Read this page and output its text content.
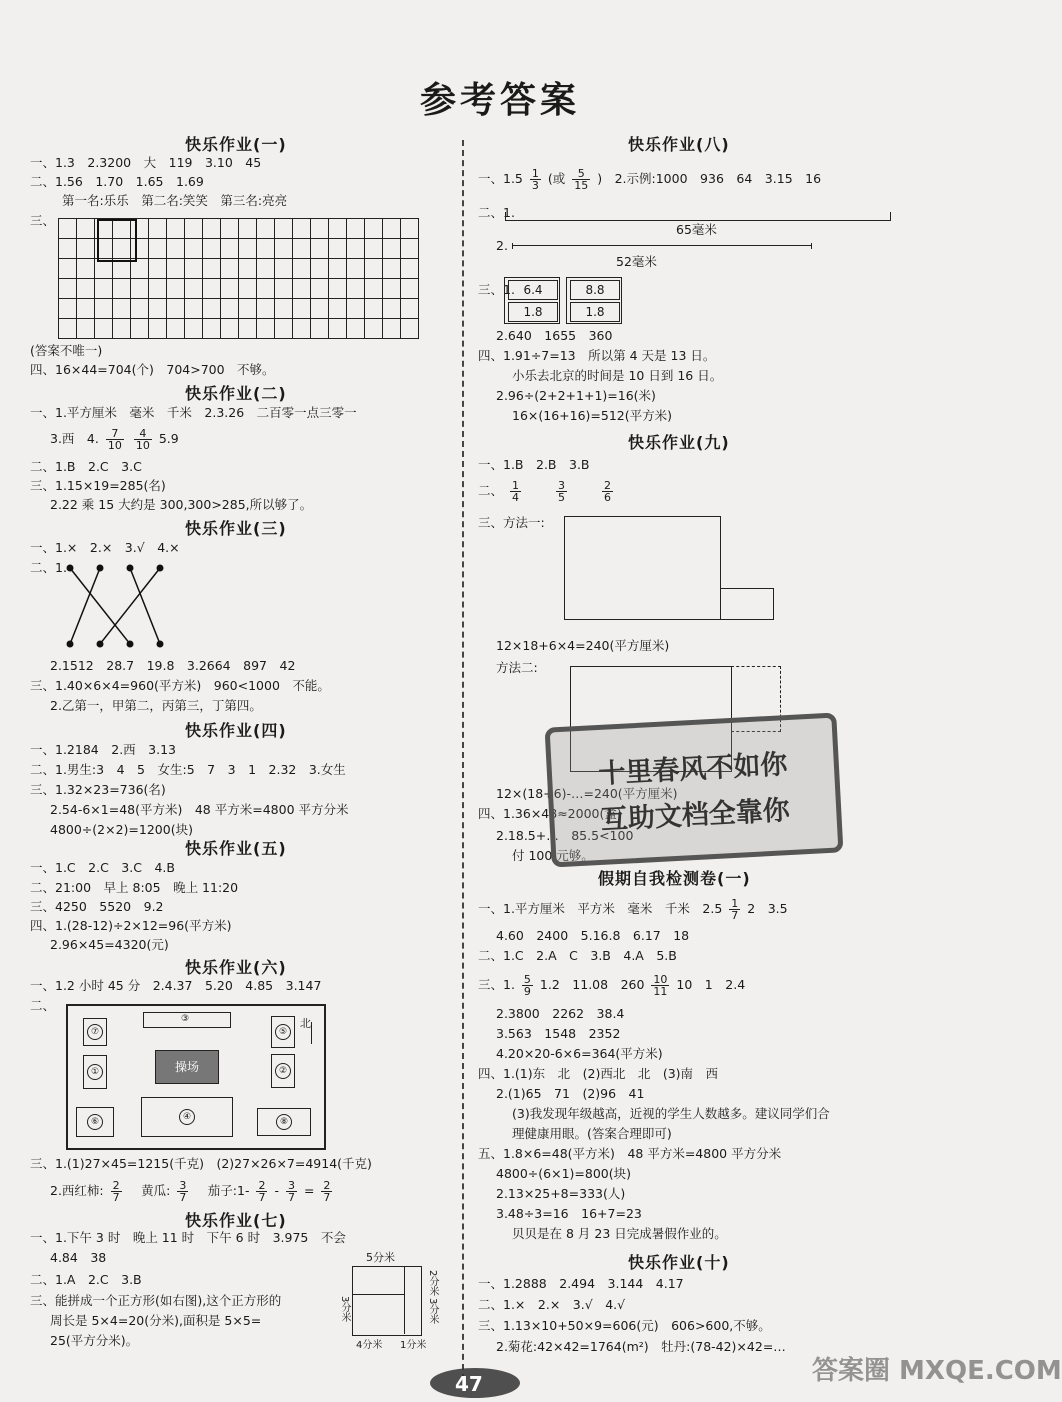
参考答案
快乐作业(一)
一、1.3　2.3200　大　119　3.10　45
二、1.56　1.70　1.65　1.69
第一名:乐乐　第二名:笑笑　第三名:亮亮
三、
(答案不唯一)
四、16×44=704(个)　704>700　不够。
快乐作业(二)
一、1.平方厘米　毫米　千米　2.3.26　二百零一点三零一
3.西　4. $\frac{7}{10}$
$\frac{4}{10} 5.9$
二、1.B　2.C　3.C
三、1.15×19=285(名)
2.22 乘 15 大约是 300,300>285,所以够了。
快乐作业(三)
一、1.×　2.×　3.√　4.×
二、1.
2.1512　28.7　19.8　3.2664　897　42
三、1.40×6×4=960(平方米)　960<1000　不能。
2.乙第一，甲第二，丙第三，丁第四。
快乐作业(四)
一、1.2184　2.西　3.13
二、1.男生:3　4　5　女生:5　7　3　1　2.32　3.女生
三、1.32×23=736(名)
2.54-6×1=48(平方米)　48 平方米=4800 平方分米
4800÷(2×2)=1200(块)
快乐作业(五)
一、1.C　2.C　3.C　4.B
二、21:00　早上 8:05　晚上 11:20
三、4250　5520　9.2
四、1.(28-12)÷2×12=96(平方米)
2.96×45=4320(元)
快乐作业(六)
一、1.2 小时 45 分　2.4.37　5.20　4.85　3.147
二、
③
⑦	⑤
北
①	操场	②
⑥	④	⑧
三、1.(1)27×45=1215(千克)　(2)27×26×7=4914(千克)
2.西红柿: $\frac{2}{7}$
　 黄瓜: $\frac{3}{7}$
　 茄子:1- $\frac{2}{7} - \frac{3}{7} = \frac{2}{7}$
快乐作业(七)
一、1.下午 3 时　晚上 11 时　下午 6 时　3.975　不会
4.84　38
二、1.A　2.C　3.B
三、能拼成一个正方形(如右图),这个正方形的
周长是 5×4=20(分米),面积是 5×5=
25(平方分米)。
5分米
2分米
3分米
3分米
4分米 1分米
快乐作业(八)
一、$1.5 \frac{1}{3}$ (或 $\frac{5}{15}$ )　2.示例:1000　936　64　3.15　16
二、1.
65毫米
2.
52毫米
三、1. 6.4
1.8
8.8
1.8
2.640　1655　360
四、1.91÷7=13　所以第 4 天是 13 日。
小乐去北京的时间是 10 日到 16 日。
2.96÷(2+2+1+1)=16(米)
16×(16+16)=512(平方米)
快乐作业(九)
一、1.B　2.B　3.B
二、 $\frac{1}{4}$
　　	$\frac{3}{5}$
　　	$\frac{2}{6}$
三、方法一:
12×18+6×4=240(平方厘米)
方法二:
12×(18+6)-…=240(平方厘米)
四、1.36×48≈2000(盒)
2.18.5+…　85.5<100
付 100 元够。
十里春风不如你
互助文档全靠你
假期自我检测卷(一)
一、1.平方厘米　平方米　毫米　千米　$2.5 \frac{1}{7} 2$　3.5
4.60　2400　5.16.8　6.17　18
二、1.C　2.A　C　3.B　4.A　5.B
三、1. $\frac{5}{9} 1.2$　11.08　$260 \frac{10}{11} 10$　1　2.4
2.3800　2262　38.4
3.563　1548　2352
4.20×20-6×6=364(平方米)
四、1.(1)东　北　(2)西北　北　(3)南　西
2.(1)65　71　(2)96　41
(3)我发现年级越高，近视的学生人数越多。建议同学们合
理健康用眼。(答案合理即可)
五、1.8×6=48(平方米)　48 平方米=4800 平方分米
4800÷(6×1)=800(块)
2.13×25+8=333(人)
3.48÷3=16　16+7=23
贝贝是在 8 月 23 日完成暑假作业的。
快乐作业(十)
一、1.2888　2.494　3.144　4.17
二、1.×　2.×　3.√　4.√
三、1.13×10+50×9=606(元)　606>600,不够。
2.菊花:42×42=1764(m²)　牡丹:(78-42)×42=…
47	答案圈 MXQE.COM
